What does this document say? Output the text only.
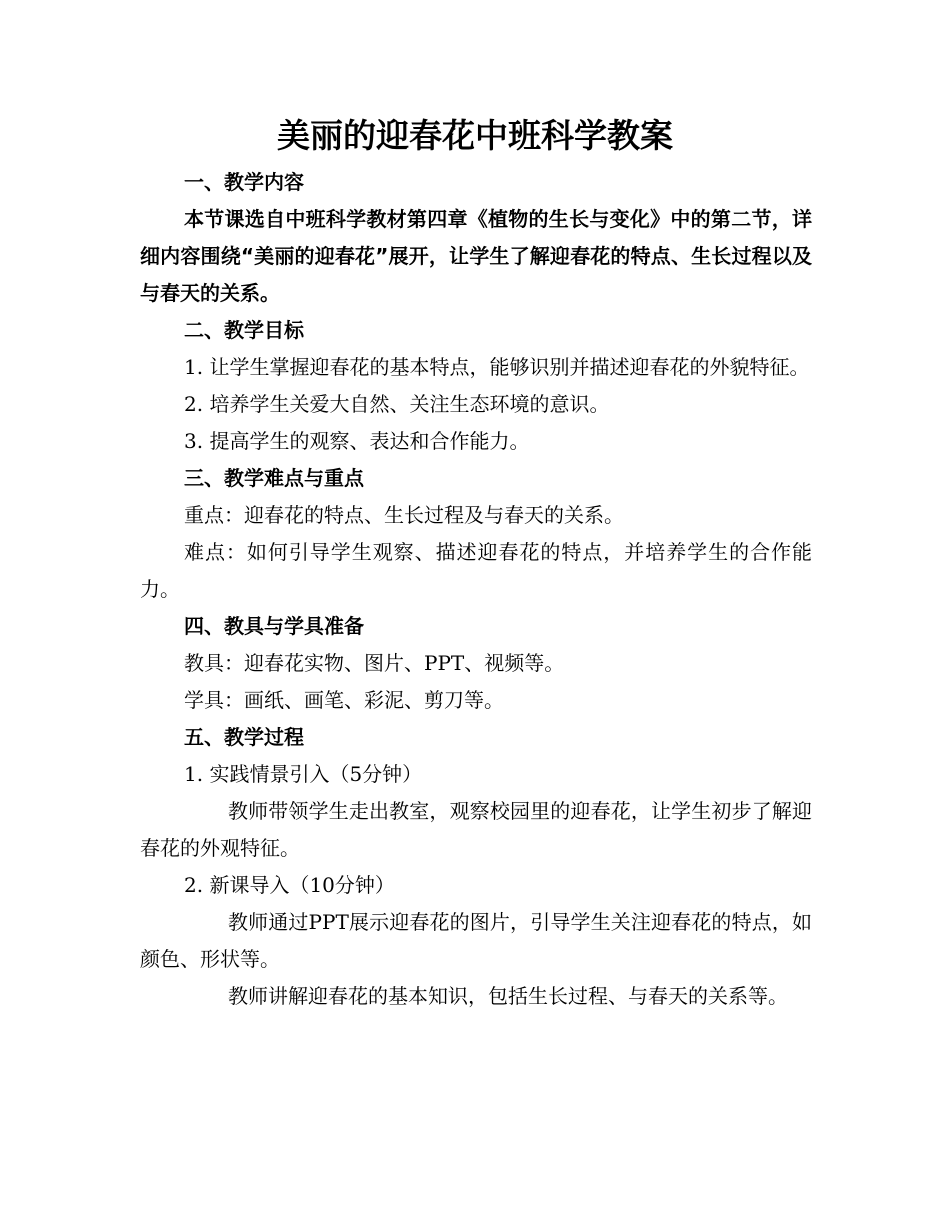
美丽的迎春花中班科学教案

一、教学内容

本节课选自中班科学教材第四章《植物的生长与变化》中的第二节，详细内容围绕“美丽的迎春花”展开，让学生了解迎春花的特点、生长过程以及与春天的关系。

二、教学目标

1. 让学生掌握迎春花的基本特点，能够识别并描述迎春花的外貌特征。

2. 培养学生关爱大自然、关注生态环境的意识。

3. 提高学生的观察、表达和合作能力。

三、教学难点与重点

重点：迎春花的特点、生长过程及与春天的关系。

难点：如何引导学生观察、描述迎春花的特点，并培养学生的合作能力。

四、教具与学具准备

教具：迎春花实物、图片、PPT、视频等。

学具：画纸、画笔、彩泥、剪刀等。

五、教学过程

1. 实践情景引入（5分钟）

教师带领学生走出教室，观察校园里的迎春花，让学生初步了解迎春花的外观特征。

2. 新课导入（10分钟）

教师通过PPT展示迎春花的图片，引导学生关注迎春花的特点，如颜色、形状等。

教师讲解迎春花的基本知识，包括生长过程、与春天的关系等。
